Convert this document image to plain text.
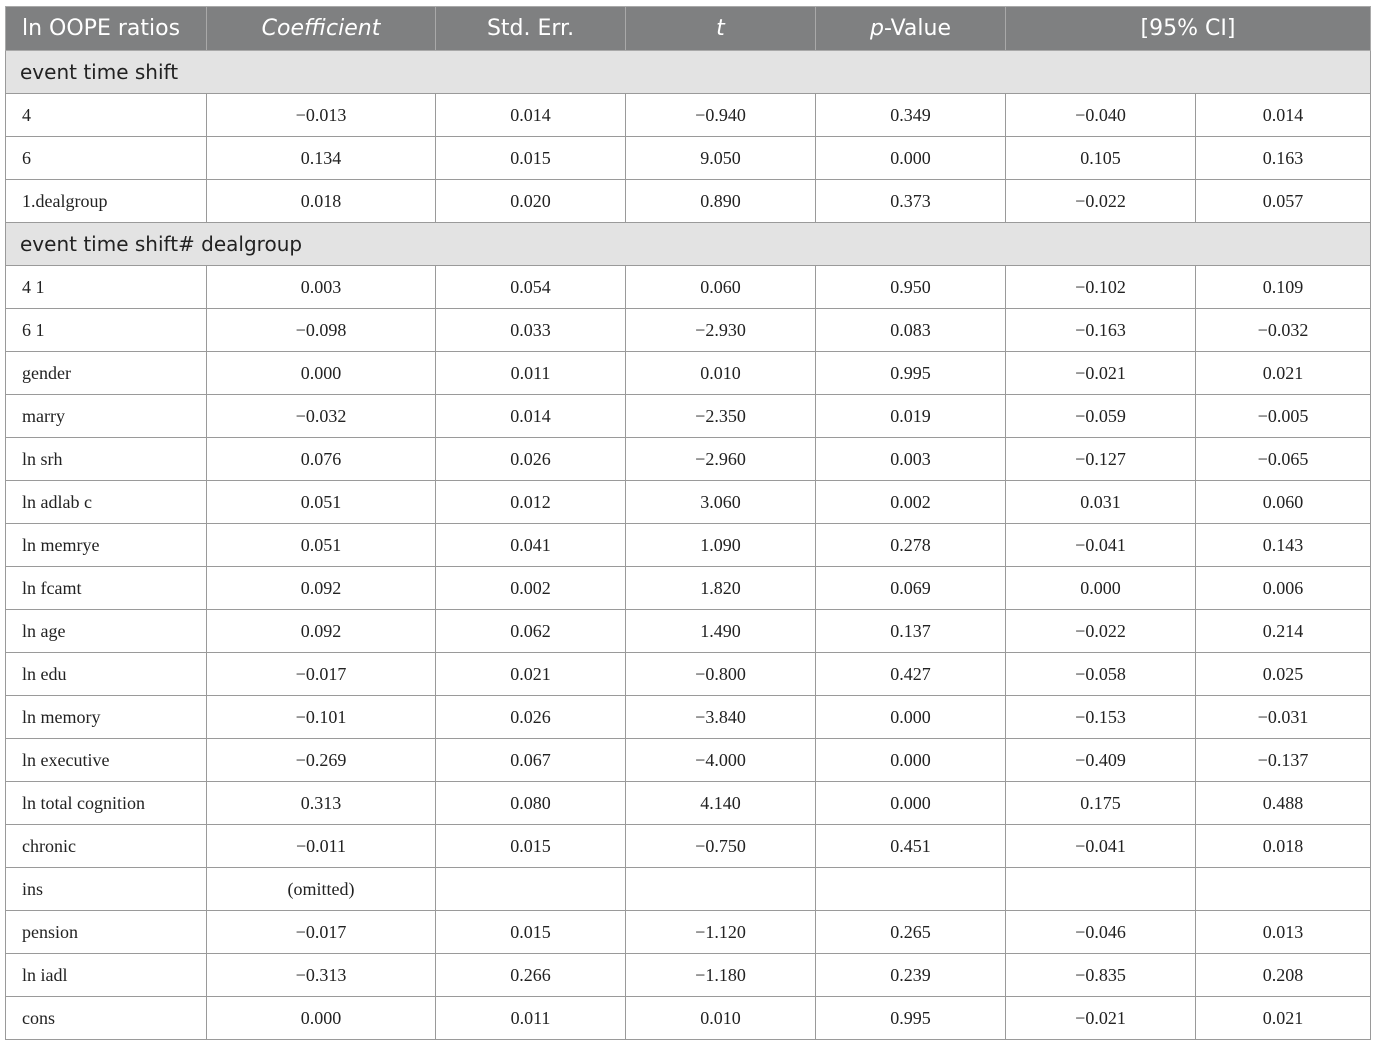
ln OOPE ratios	Coefficient	Std. Err.	t	p-Value	[95% CI]	
event time shift						
4	−0.013	0.014	−0.940	0.349	−0.040	0.014
6	0.134	0.015	9.050	0.000	0.105	0.163
1.dealgroup	0.018	0.020	0.890	0.373	−0.022	0.057
event time shift# dealgroup						
4 1	0.003	0.054	0.060	0.950	−0.102	0.109
6 1	−0.098	0.033	−2.930	0.083	−0.163	−0.032
gender	0.000	0.011	0.010	0.995	−0.021	0.021
marry	−0.032	0.014	−2.350	0.019	−0.059	−0.005
ln srh	0.076	0.026	−2.960	0.003	−0.127	−0.065
ln adlab c	0.051	0.012	3.060	0.002	0.031	0.060
ln memrye	0.051	0.041	1.090	0.278	−0.041	0.143
ln fcamt	0.092	0.002	1.820	0.069	0.000	0.006
ln age	0.092	0.062	1.490	0.137	−0.022	0.214
ln edu	−0.017	0.021	−0.800	0.427	−0.058	0.025
ln memory	−0.101	0.026	−3.840	0.000	−0.153	−0.031
ln executive	−0.269	0.067	−4.000	0.000	−0.409	−0.137
ln total cognition	0.313	0.080	4.140	0.000	0.175	0.488
chronic	−0.011	0.015	−0.750	0.451	−0.041	0.018
ins	(omitted)					
pension	−0.017	0.015	−1.120	0.265	−0.046	0.013
ln iadl	−0.313	0.266	−1.180	0.239	−0.835	0.208
cons	0.000	0.011	0.010	0.995	−0.021	0.021
